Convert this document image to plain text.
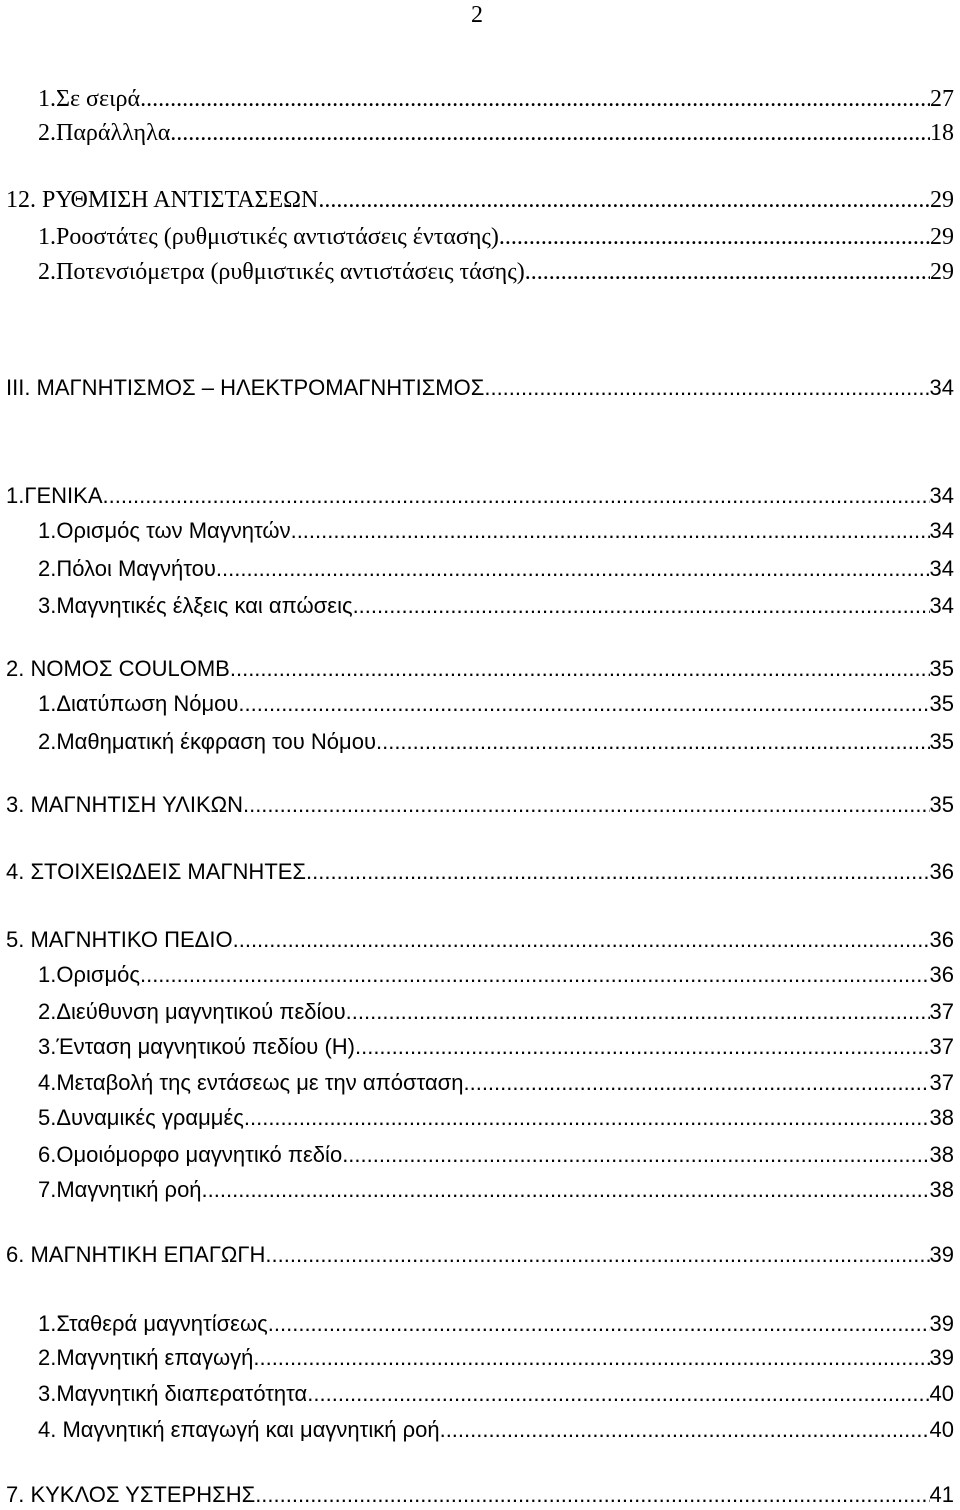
2
1.Σε σειρά .....	27
2.Παράλληλα .....	18
12. ΡΥΘΜΙΣΗ ΑΝΤΙΣΤΑΣΕΩΝ .....	29
1.Ροοστάτες (ρυθμιστικές αντιστάσεις έντασης) .....	29
2.Ποτενσιόμετρα (ρυθμιστικές αντιστάσεις τάσης) .....	29
ΙΙΙ. ΜΑΓΝΗΤΙΣΜΟΣ – ΗΛΕΚΤΡΟΜΑΓΝΗΤΙΣΜΟΣ .....	34
1.ΓΕΝΙΚΑ .....	34
1.Ορισμός των Μαγνητών .....	34
2.Πόλοι Μαγνήτου .....	34
3.Μαγνητικές έλξεις και απώσεις .....	34
2. ΝΟΜΟΣ COULOMB .....	35
1.Διατύπωση Νόμου .....	35
2.Μαθηματική έκφραση του Νόμου .....	35
3. ΜΑΓΝΗΤΙΣΗ ΥΛΙΚΩΝ .....	35
4. ΣΤΟΙΧΕΙΩΔΕΙΣ ΜΑΓΝΗΤΕΣ .....	36
5. ΜΑΓΝΗΤΙΚΟ ΠΕΔΙΟ .....	36
1.Ορισμός .....	36
2.Διεύθυνση μαγνητικού πεδίου .....	37
3.Ένταση μαγνητικού πεδίου (Η) .....	37
4.Μεταβολή της εντάσεως με την απόσταση .....	37
5.Δυναμικές γραμμές .....	38
6.Ομοιόμορφο μαγνητικό πεδίο .....	38
7.Μαγνητική ροή .....	38
6. ΜΑΓΝΗΤΙΚΗ ΕΠΑΓΩΓΗ .....	39
1.Σταθερά μαγνητίσεως .....	39
2.Μαγνητική επαγωγή .....	39
3.Μαγνητική διαπερατότητα .....	40
4. Μαγνητική επαγωγή και μαγνητική ροή .....	40
7. ΚΥΚΛΟΣ ΥΣΤΕΡΗΣΗΣ .....	41
